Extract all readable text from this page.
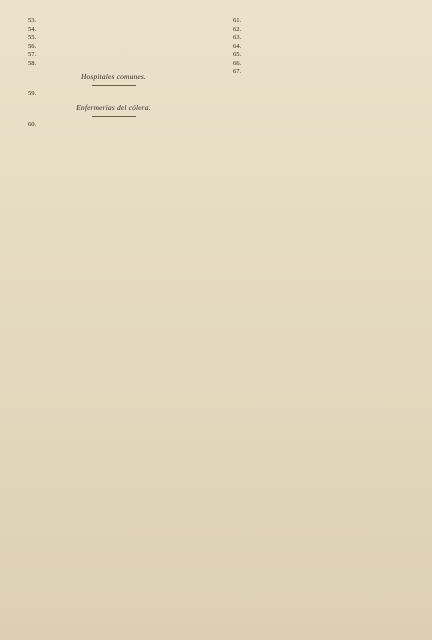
53.

54.

55.

56.

57.

58.

Hospitales comunes.

59.

Enfermerías del cólera.

60.

61.

62.

63.

64.

65.

66.

67.
